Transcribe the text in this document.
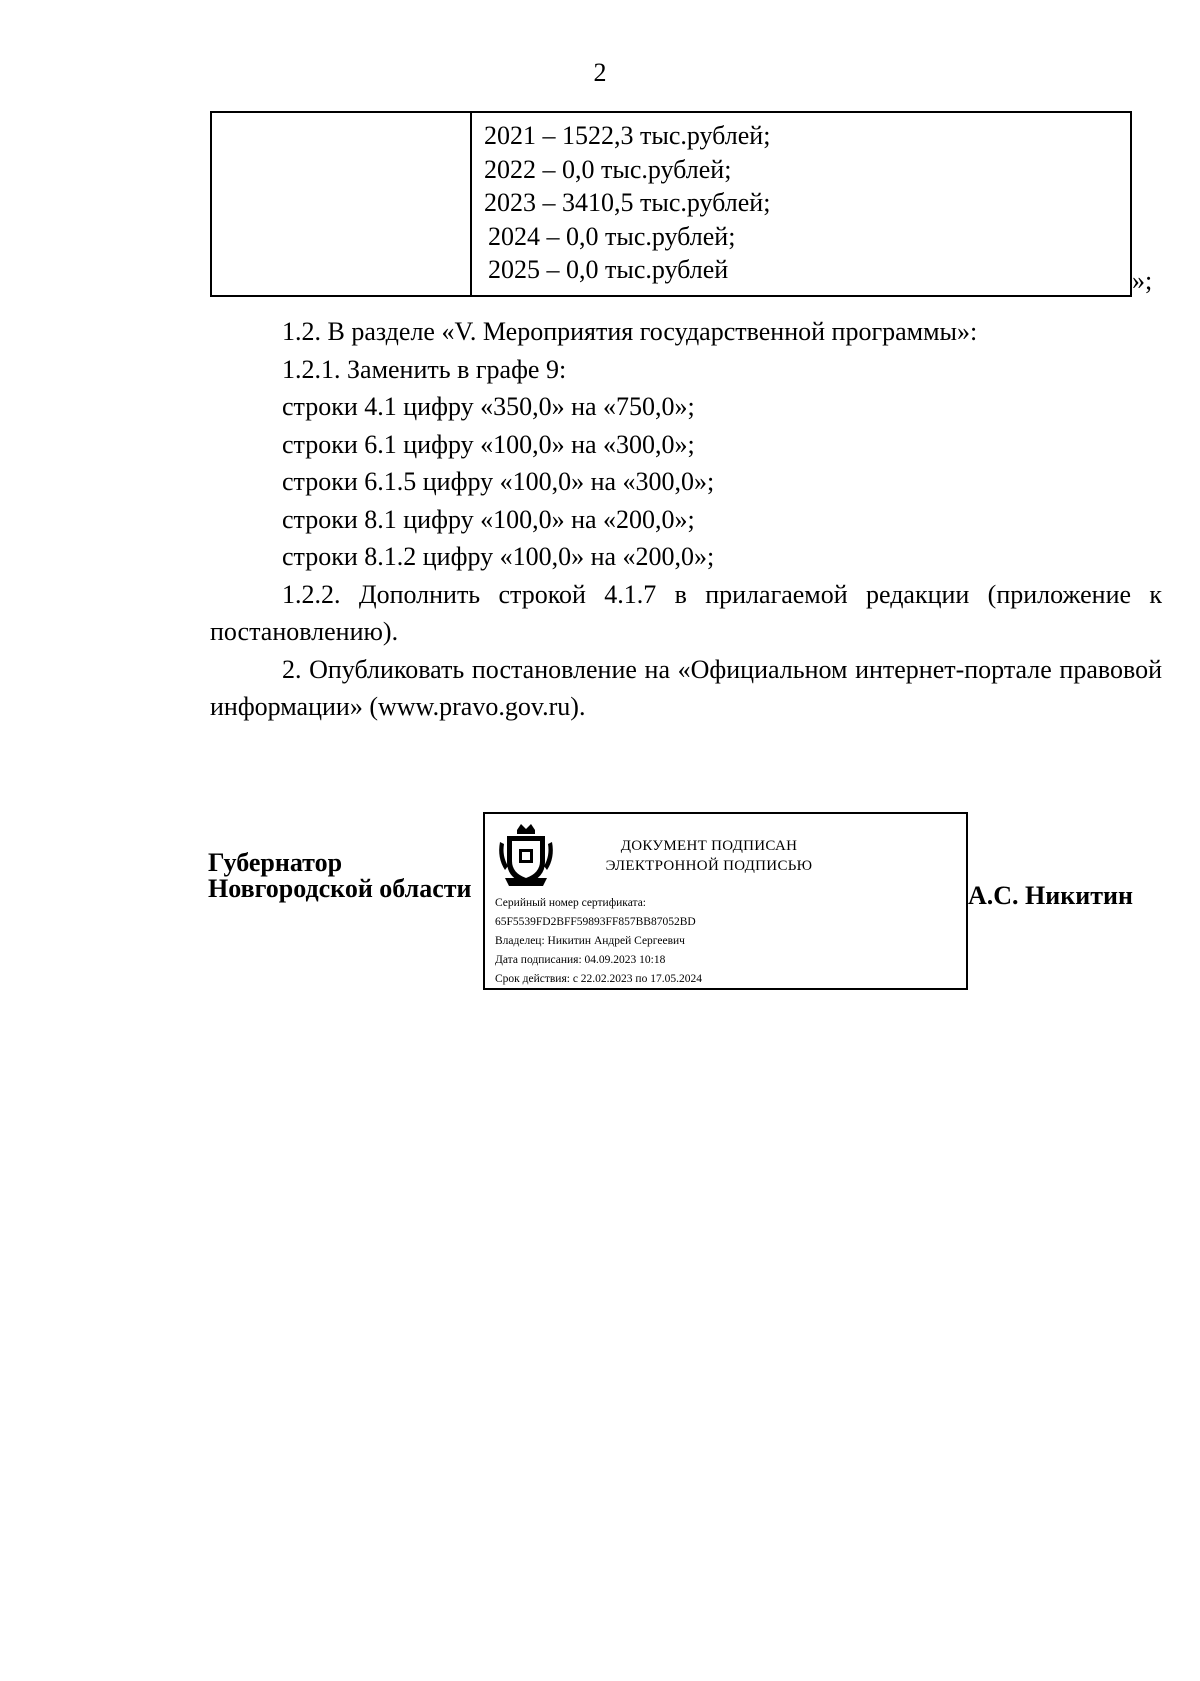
2
2021 – 1522,3 тыс.рублей;
2022 – 0,0 тыс.рублей;
2023 – 3410,5 тыс.рублей;
2024 – 0,0 тыс.рублей;
2025 – 0,0 тыс.рублей	»;

1.2. В разделе «V. Мероприятия государственной программы»:

1.2.1. Заменить в графе 9:

строки 4.1 цифру «350,0» на «750,0»;

строки 6.1 цифру «100,0» на «300,0»;

строки 6.1.5 цифру «100,0» на «300,0»;

строки 8.1 цифру «100,0» на «200,0»;

строки 8.1.2 цифру «100,0» на «200,0»;

1.2.2. Дополнить строкой 4.1.7 в прилагаемой редакции (приложение к постановлению).

2. Опубликовать постановление на «Официальном интернет-портале правовой информации» (www.pravo.gov.ru).

Губернатор
Новгородской области
ДОКУМЕНТ ПОДПИСАН
ЭЛЕКТРОННОЙ ПОДПИСЬЮ
Серийный номер сертификата:
65F5539FD2BFF59893FF857BB87052BD
Владелец: Никитин Андрей Сергеевич
Дата подписания: 04.09.2023 10:18
Срок действия: с 22.02.2023 по 17.05.2024
А.С. Никитин
